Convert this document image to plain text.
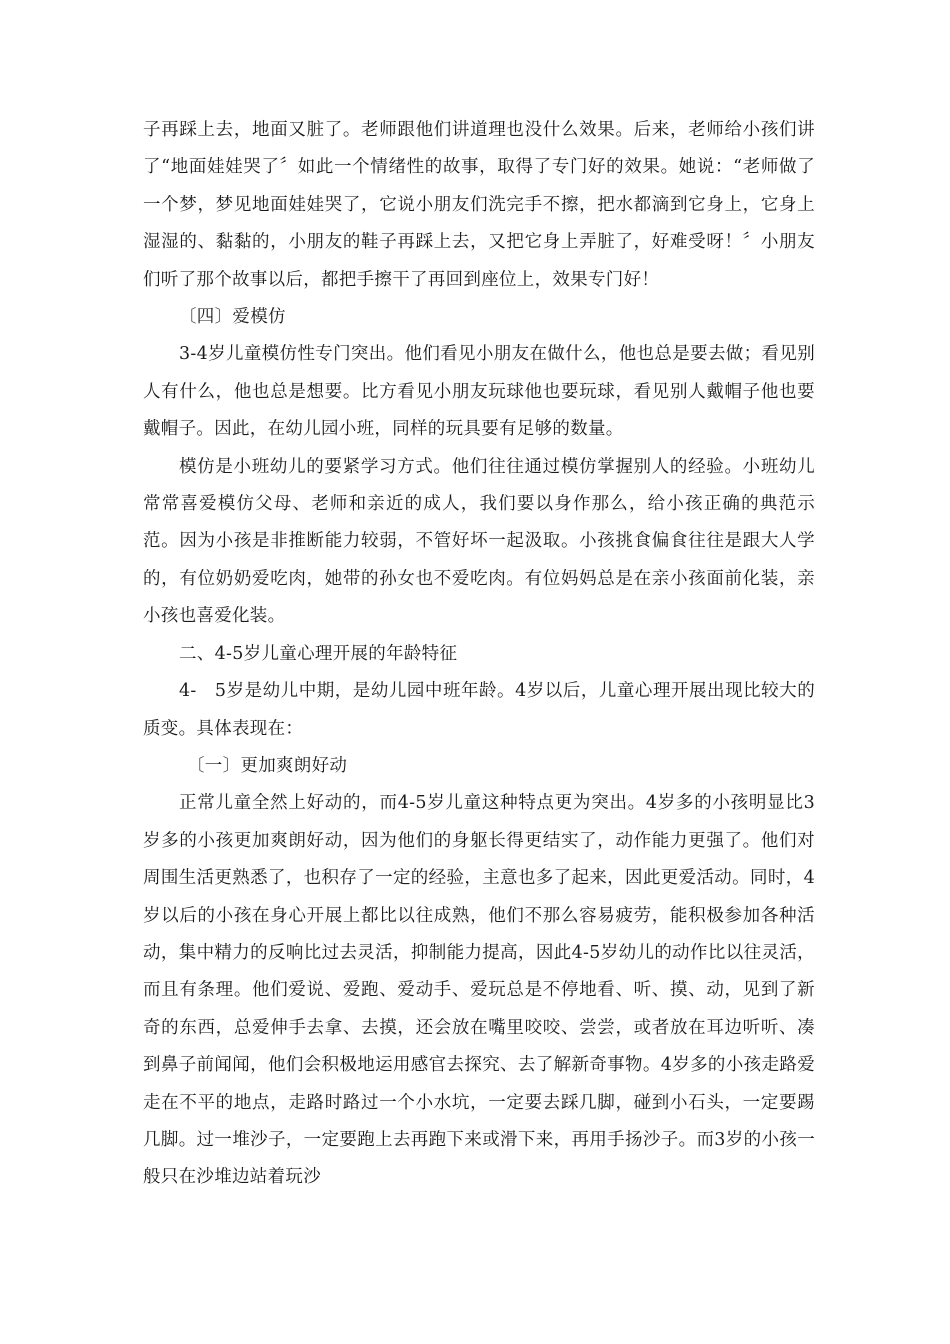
子再踩上去，地面又脏了。老师跟他们讲道理也没什么效果。后来，老师给小孩们讲了“地面娃娃哭了〞如此一个情绪性的故事，取得了专门好的效果。她说：“老师做了一个梦，梦见地面娃娃哭了，它说小朋友们洗完手不擦，把水都滴到它身上，它身上湿湿的、黏黏的，小朋友的鞋子再踩上去，又把它身上弄脏了，好难受呀！〞小朋友们听了那个故事以后，都把手擦干了再回到座位上，效果专门好！

〔四〕爱模仿

3-4岁儿童模仿性专门突出。他们看见小朋友在做什么，他也总是要去做；看见别人有什么，他也总是想要。比方看见小朋友玩球他也要玩球，看见别人戴帽子他也要戴帽子。因此，在幼儿园小班，同样的玩具要有足够的数量。

模仿是小班幼儿的要紧学习方式。他们往往通过模仿掌握别人的经验。小班幼儿常常喜爱模仿父母、老师和亲近的成人，我们要以身作那么，给小孩正确的典范示范。因为小孩是非推断能力较弱，不管好坏一起汲取。小孩挑食偏食往往是跟大人学的，有位奶奶爱吃肉，她带的孙女也不爱吃肉。有位妈妈总是在亲小孩面前化装，亲小孩也喜爱化装。

二、4-5岁儿童心理开展的年龄特征

4-　5岁是幼儿中期，是幼儿园中班年龄。4岁以后，儿童心理开展出现比较大的质变。具体表现在：

〔一〕更加爽朗好动

正常儿童全然上好动的，而4-5岁儿童这种特点更为突出。4岁多的小孩明显比3岁多的小孩更加爽朗好动，因为他们的身躯长得更结实了，动作能力更强了。他们对周围生活更熟悉了，也积存了一定的经验，主意也多了起来，因此更爱活动。同时，4岁以后的小孩在身心开展上都比以往成熟，他们不那么容易疲劳，能积极参加各种活动，集中精力的反响比过去灵活，抑制能力提高，因此4-5岁幼儿的动作比以往灵活，而且有条理。他们爱说、爱跑、爱动手、爱玩总是不停地看、听、摸、动，见到了新奇的东西，总爱伸手去拿、去摸，还会放在嘴里咬咬、尝尝，或者放在耳边听听、凑到鼻子前闻闻，他们会积极地运用感官去探究、去了解新奇事物。4岁多的小孩走路爱走在不平的地点，走路时路过一个小水坑，一定要去踩几脚，碰到小石头，一定要踢几脚。过一堆沙子，一定要跑上去再跑下来或滑下来，再用手扬沙子。而3岁的小孩一般只在沙堆边站着玩沙
